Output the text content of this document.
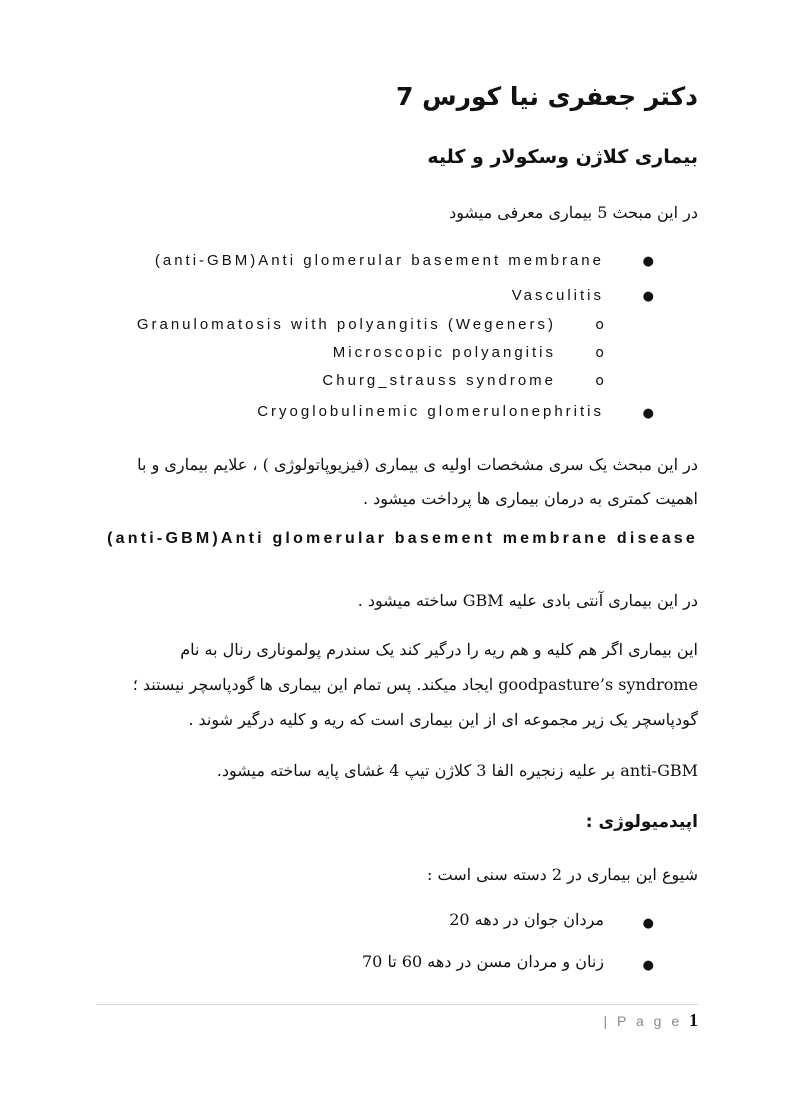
دکتر جعفری نیا کورس 7
بیماری کلاژن وسکولار و کلیه

در این مبحث 5 بیماری معرفی میشود

●
(anti-GBM)Anti glomerular basement membrane
●
Vasculitis
o
Granulomatosis with polyangitis (Wegeners)
o
Microscopic polyangitis
o
Churg_strauss syndrome
●
Cryoglobulinemic glomerulonephritis
در این مبحث یک سری مشخصات اولیه ی بیماری (فیزیوپاتولوژی ) ، علایم بیماری و با
اهمیت کمتری به درمان بیماری ها پرداخت میشود .
(anti-GBM)Anti glomerular basement membrane disease

در این بیماری آنتی بادی علیه GBM ساخته میشود .

این بیماری اگر هم کلیه و هم ریه را درگیر کند یک سندرم پولمونار‌ی رنال به نام
goodpasture’s syndrome ایجاد میکند. پس تمام این بیماری ها گودپاسچر نیستند ؛
گودپاسچر یک زیر مجموعه ای از این بیماری است که ریه و کلیه درگیر شوند .

anti-GBM بر علیه زنجیره الفا 3 کلاژن تیپ 4 غشای پایه ساخته میشود.

اپیدمیولوژی :

شیوع این بیماری در 2 دسته سنی است :

●
مردان جوان در دهه 20
●
زنان و مردان مسن در دهه 60 تا 70
| P a g e 1
